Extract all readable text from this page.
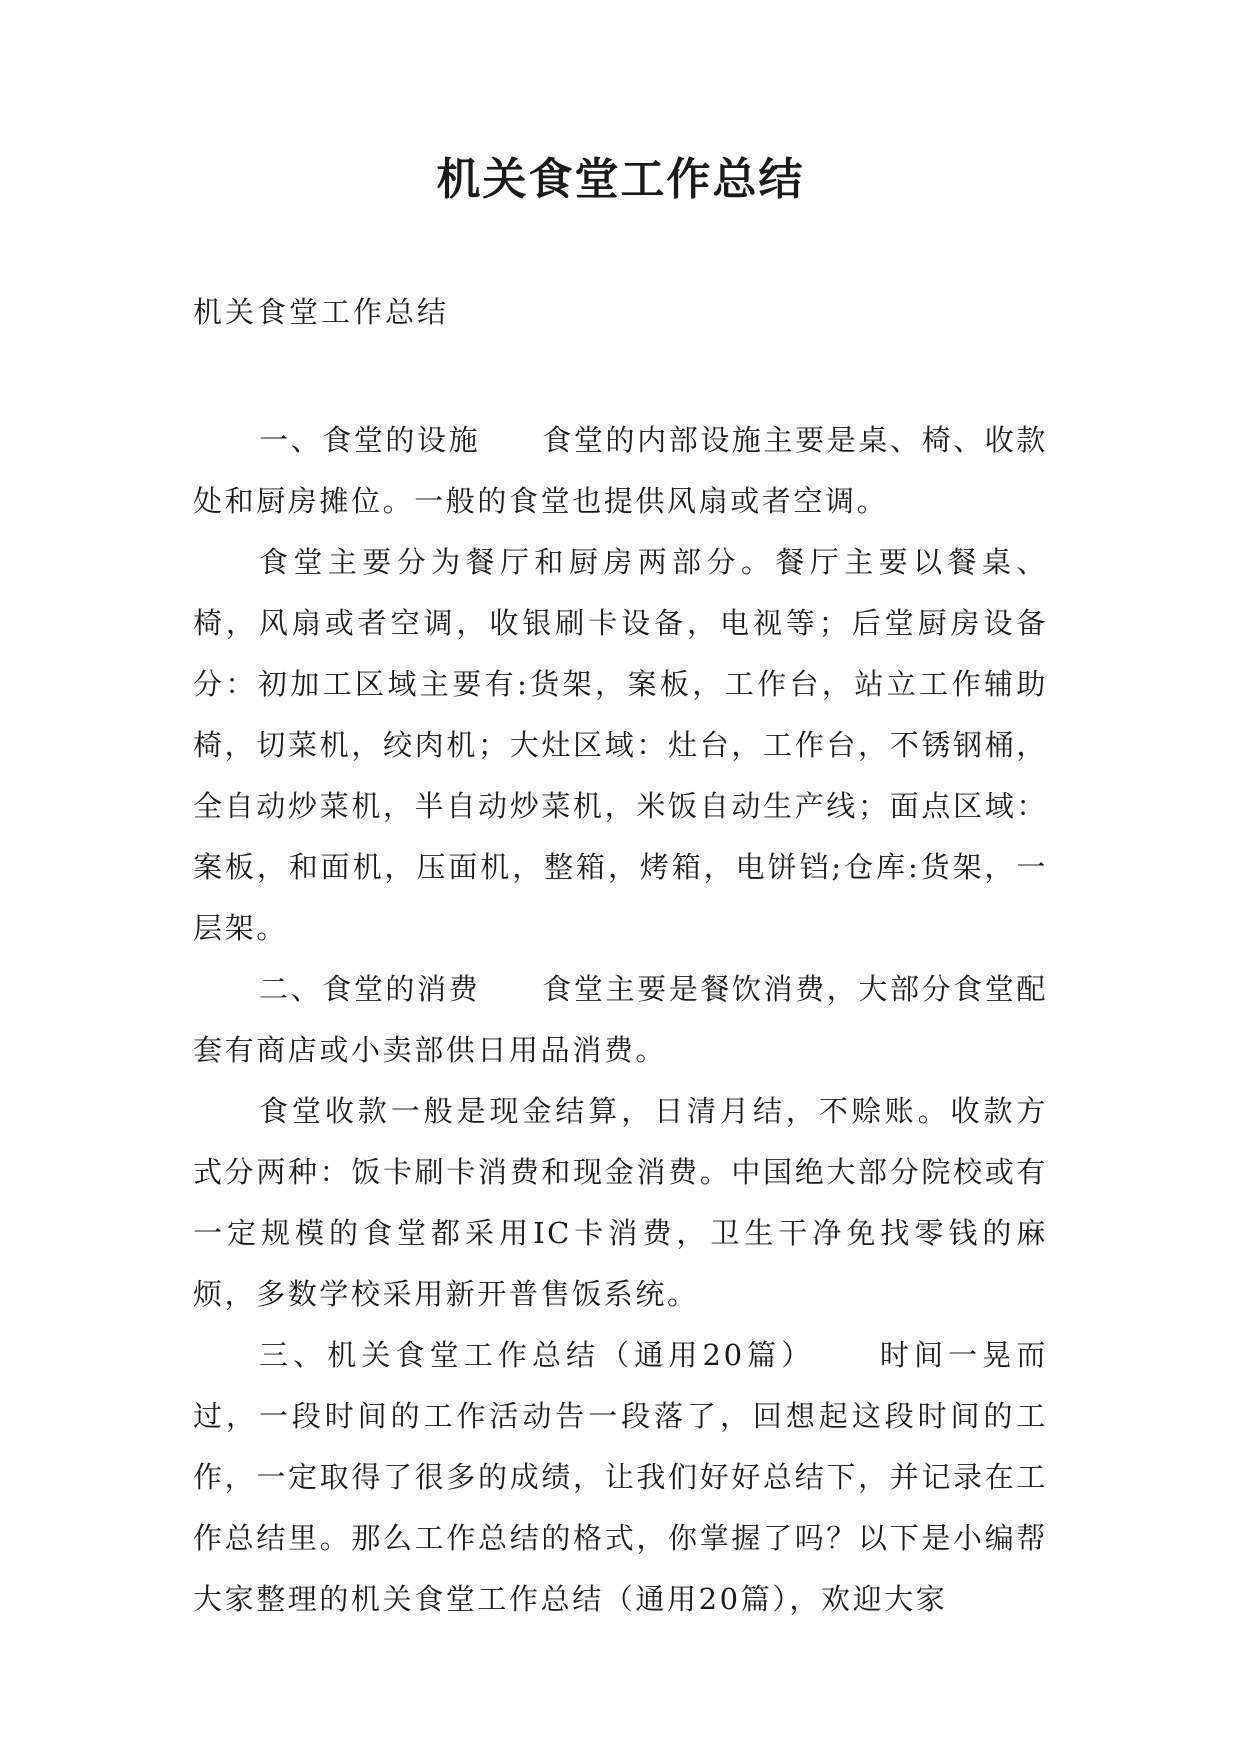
机关食堂工作总结
机关食堂工作总结

一、食堂的设施 食堂的内部设施主要是桌、椅、收款处和厨房摊位。一般的食堂也提供风扇或者空调。

食堂主要分为餐厅和厨房两部分。餐厅主要以餐桌、椅，风扇或者空调，收银刷卡设备，电视等；后堂厨房设备分：初加工区域主要有:货架，案板，工作台，站立工作辅助椅，切菜机，绞肉机；大灶区域：灶台，工作台，不锈钢桶，全自动炒菜机，半自动炒菜机，米饭自动生产线；面点区域：案板，和面机，压面机，整箱，烤箱，电饼铛;仓库:货架，一层架。

二、食堂的消费 食堂主要是餐饮消费，大部分食堂配套有商店或小卖部供日用品消费。

食堂收款一般是现金结算，日清月结，不赊账。收款方式分两种：饭卡刷卡消费和现金消费。中国绝大部分院校或有一定规模的食堂都采用IC卡消费，卫生干净免找零钱的麻烦，多数学校采用新开普售饭系统。

三、机关食堂工作总结（通用20篇） 时间一晃而过，一段时间的工作活动告一段落了，回想起这段时间的工作，一定取得了很多的成绩，让我们好好总结下，并记录在工作总结里。那么工作总结的格式，你掌握了吗？以下是小编帮大家整理的机关食堂工作总结（通用20篇），欢迎大家
